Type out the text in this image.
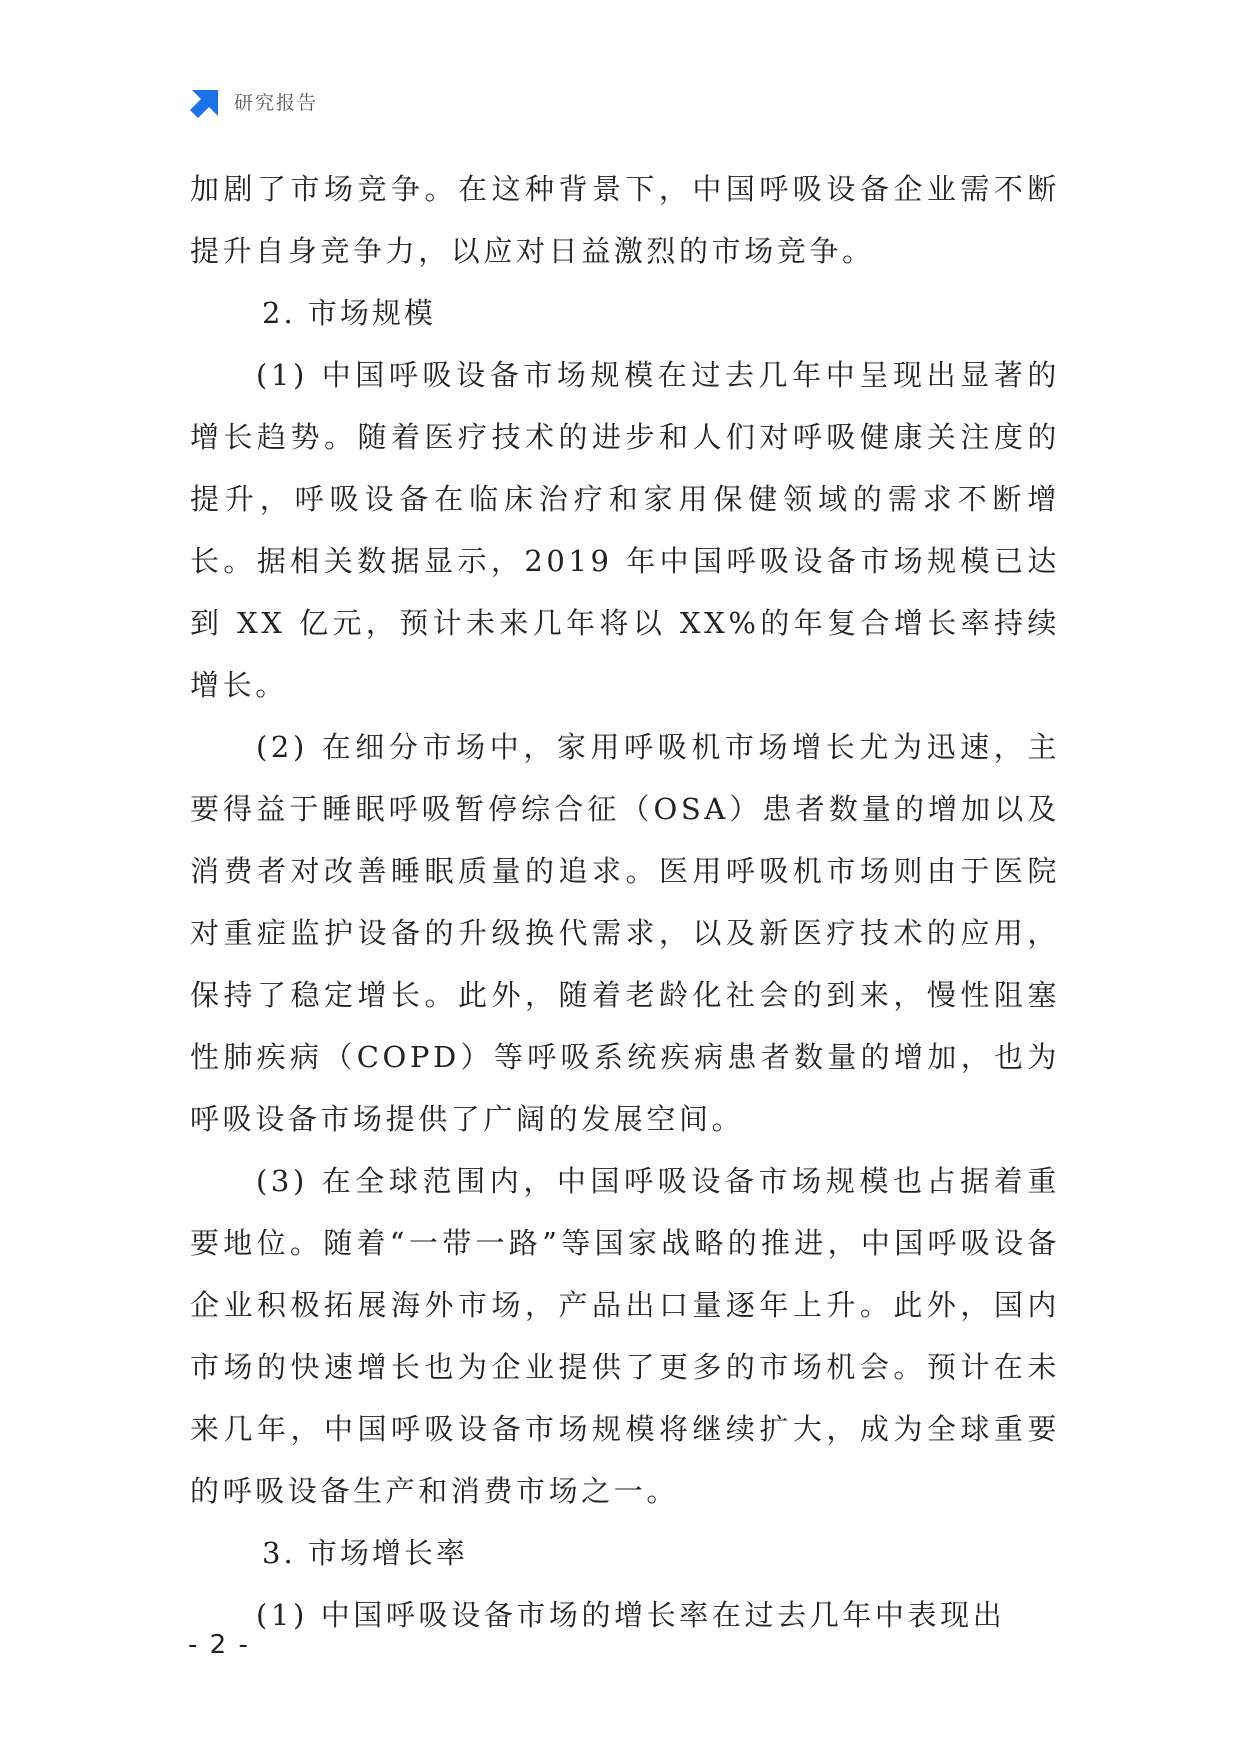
研究报告

加剧了市场竞争。在这种背景下，中国呼吸设备企业需不断提升自身竞争力，以应对日益激烈的市场竞争。

2. 市场规模

(1) 中国呼吸设备市场规模在过去几年中呈现出显著的增长趋势。随着医疗技术的进步和人们对呼吸健康关注度的提升，呼吸设备在临床治疗和家用保健领域的需求不断增长。据相关数据显示，2019 年中国呼吸设备市场规模已达到 XX 亿元，预计未来几年将以 XX%的年复合增长率持续增长。

(2) 在细分市场中，家用呼吸机市场增长尤为迅速，主要得益于睡眠呼吸暂停综合征（OSA）患者数量的增加以及消费者对改善睡眠质量的追求。医用呼吸机市场则由于医院对重症监护设备的升级换代需求，以及新医疗技术的应用，保持了稳定增长。此外，随着老龄化社会的到来，慢性阻塞性肺疾病（COPD）等呼吸系统疾病患者数量的增加，也为呼吸设备市场提供了广阔的发展空间。

(3) 在全球范围内，中国呼吸设备市场规模也占据着重要地位。随着“一带一路”等国家战略的推进，中国呼吸设备企业积极拓展海外市场，产品出口量逐年上升。此外，国内市场的快速增长也为企业提供了更多的市场机会。预计在未来几年，中国呼吸设备市场规模将继续扩大，成为全球重要的呼吸设备生产和消费市场之一。

3. 市场增长率

(1) 中国呼吸设备市场的增长率在过去几年中表现出

- 2 -
